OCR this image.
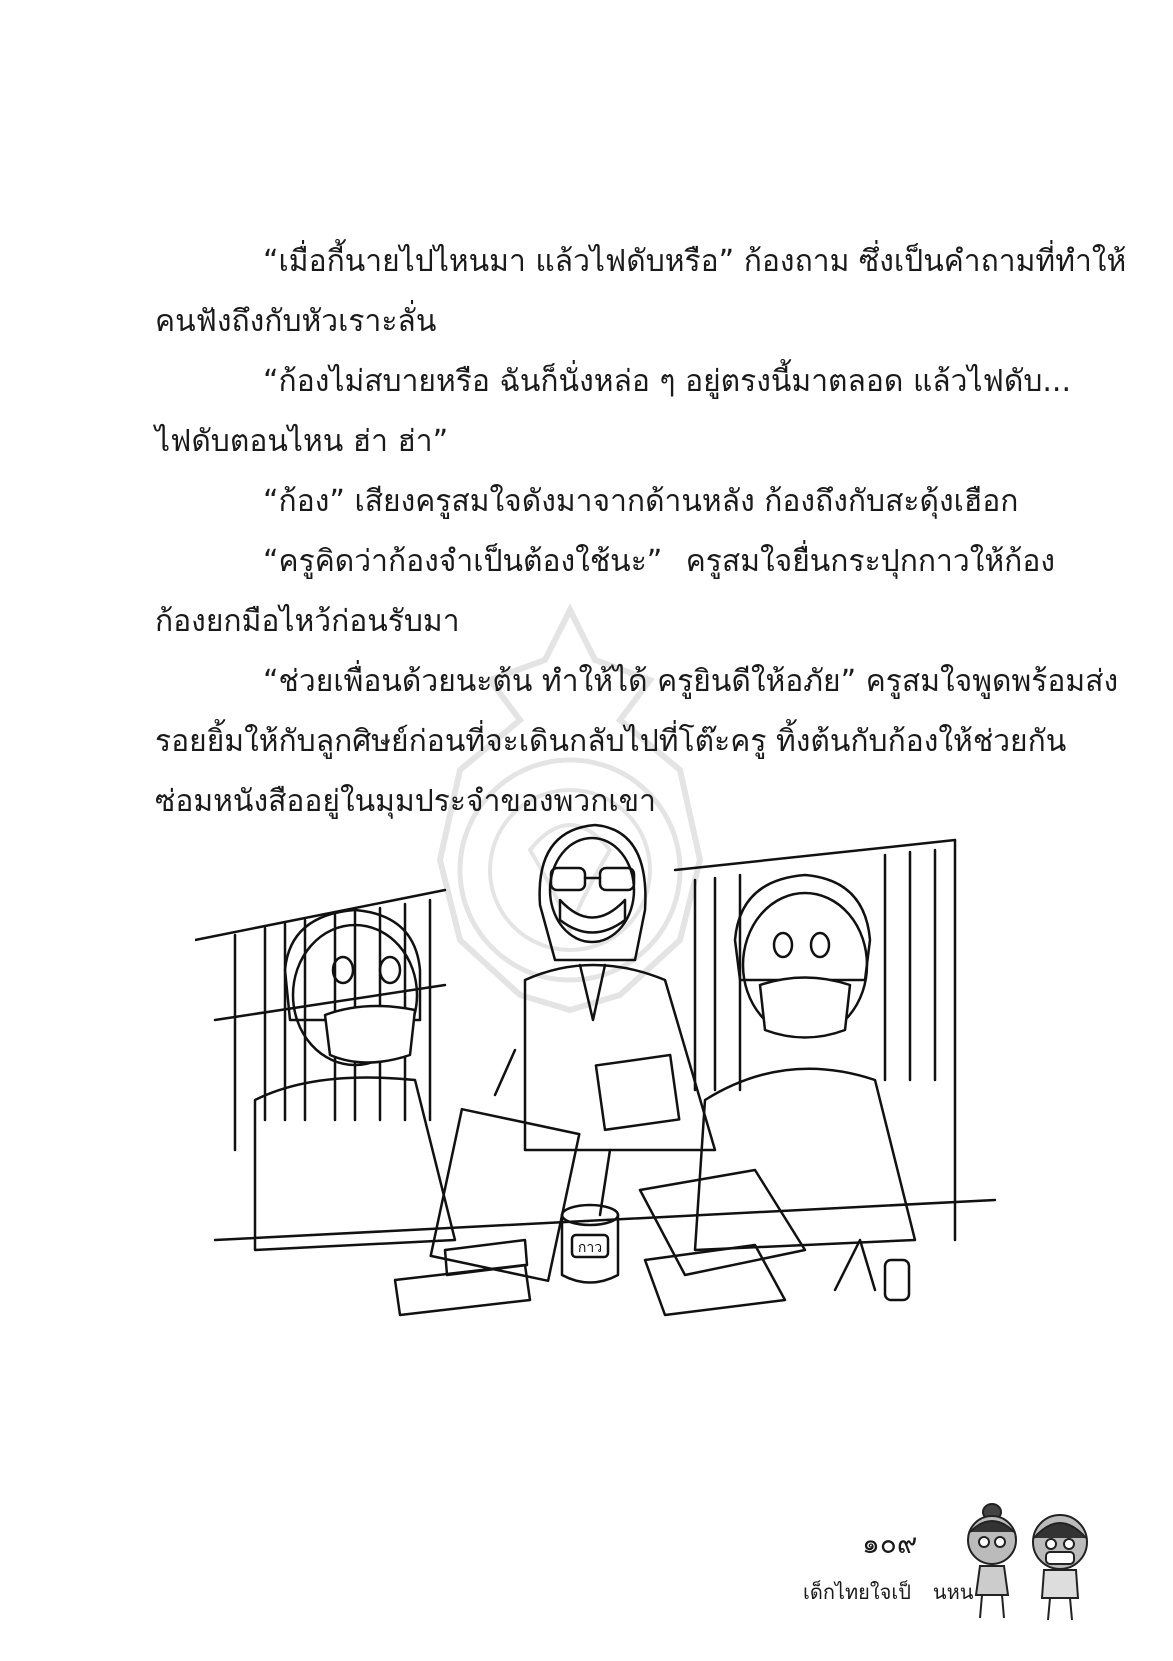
“เมื่อกี้นายไปไหนมา แล้วไฟดับหรือ” ก้องถาม ซึ่งเป็นคำถามที่ทำให้
คนฟังถึงกับหัวเราะลั่น

“ก้องไม่สบายหรือ ฉันก็นั่งหล่อ ๆ อยู่ตรงนี้มาตลอด แล้วไฟดับ...
ไฟดับตอนไหน ฮ่า ฮ่า”

“ก้อง” เสียงครูสมใจดังมาจากด้านหลัง ก้องถึงกับสะดุ้งเฮือก

“ครูคิดว่าก้องจำเป็นต้องใช้นะ” ครูสมใจยื่นกระปุกกาวให้ก้อง
ก้องยกมือไหว้ก่อนรับมา

“ช่วยเพื่อนด้วยนะต้น ทำให้ได้ ครูยินดีให้อภัย” ครูสมใจพูดพร้อมส่ง
รอยยิ้มให้กับลูกศิษย์ก่อนที่จะเดินกลับไปที่โต๊ะครู ทิ้งต้นกับก้องให้ช่วยกัน
ซ่อมหนังสืออยู่ในมุมประจำของพวกเขา

กาว
๑๐๙
เด็กไทยใจเป็ นหน
